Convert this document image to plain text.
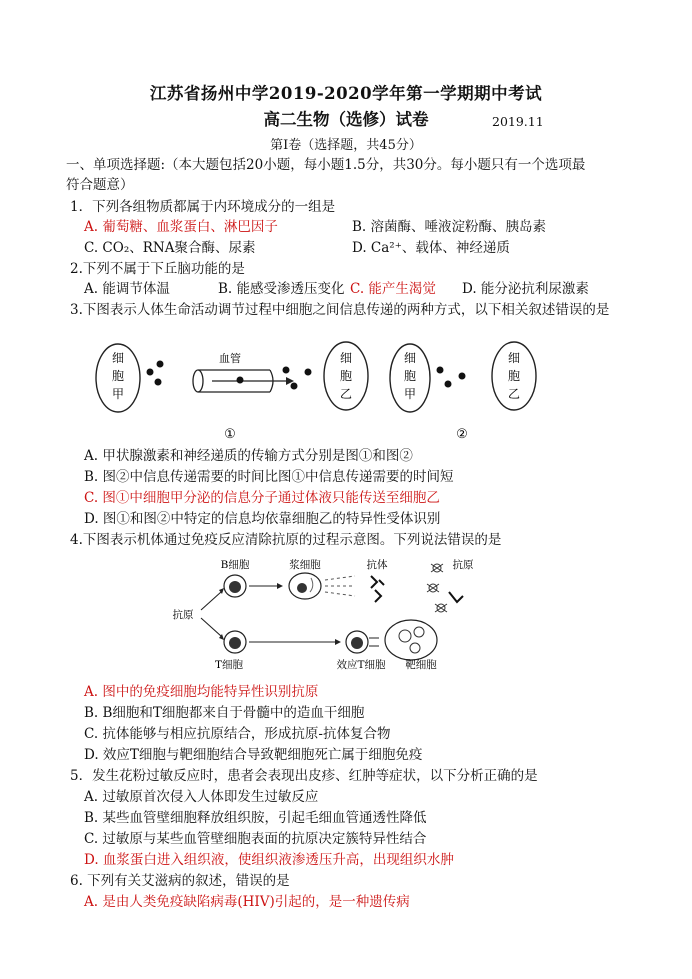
江苏省扬州中学2019-2020学年第一学期期中考试
高二生物（选修）试卷	2019.11
第Ⅰ卷（选择题，共45分）
一、单项选择题:（本大题包括20小题，每小题1.5分，共30分。每小题只有一个选项最
符合题意）
1．下列各组物质都属于内环境成分的一组是
A. 葡萄糖、血浆蛋白、淋巴因子	B. 溶菌酶、唾液淀粉酶、胰岛素
C. CO₂、RNA聚合酶、尿素	D. Ca²⁺、载体、神经递质
2.下列不属于下丘脑功能的是
A. 能调节体温	B. 能感受渗透压变化 C. 能产生渴觉 D. 能分泌抗利尿激素
3.下图表示人体生命活动调节过程中细胞之间信息传递的两种方式，以下相关叙述错误的是
细
胞
甲
血管	细
胞
乙
①
细
胞
甲
细
胞
乙
②
A. 甲状腺激素和神经递质的传输方式分别是图①和图②
B. 图②中信息传递需要的时间比图①中信息传递需要的时间短
C. 图①中细胞甲分泌的信息分子通过体液只能传送至细胞乙
D. 图①和图②中特定的信息均依靠细胞乙的特异性受体识别
4.下图表示机体通过免疫反应清除抗原的过程示意图。下列说法错误的是
B细胞	浆细胞	抗体	抗原
抗原
T细胞	效应T细胞 靶细胞
A. 图中的免疫细胞均能特异性识别抗原
B. B细胞和T细胞都来自于骨髓中的造血干细胞
C. 抗体能够与相应抗原结合，形成抗原-抗体复合物
D. 效应T细胞与靶细胞结合导致靶细胞死亡属于细胞免疫
5．发生花粉过敏反应时，患者会表现出皮疹、红肿等症状，以下分析正确的是
A. 过敏原首次侵入人体即发生过敏反应
B. 某些血管壁细胞释放组织胺，引起毛细血管通透性降低
C. 过敏原与某些血管壁细胞表面的抗原决定簇特异性结合
D. 血浆蛋白进入组织液，使组织液渗透压升高，出现组织水肿
6. 下列有关艾滋病的叙述，错误的是
A. 是由人类免疫缺陷病毒(HIV)引起的，是一种遗传病
